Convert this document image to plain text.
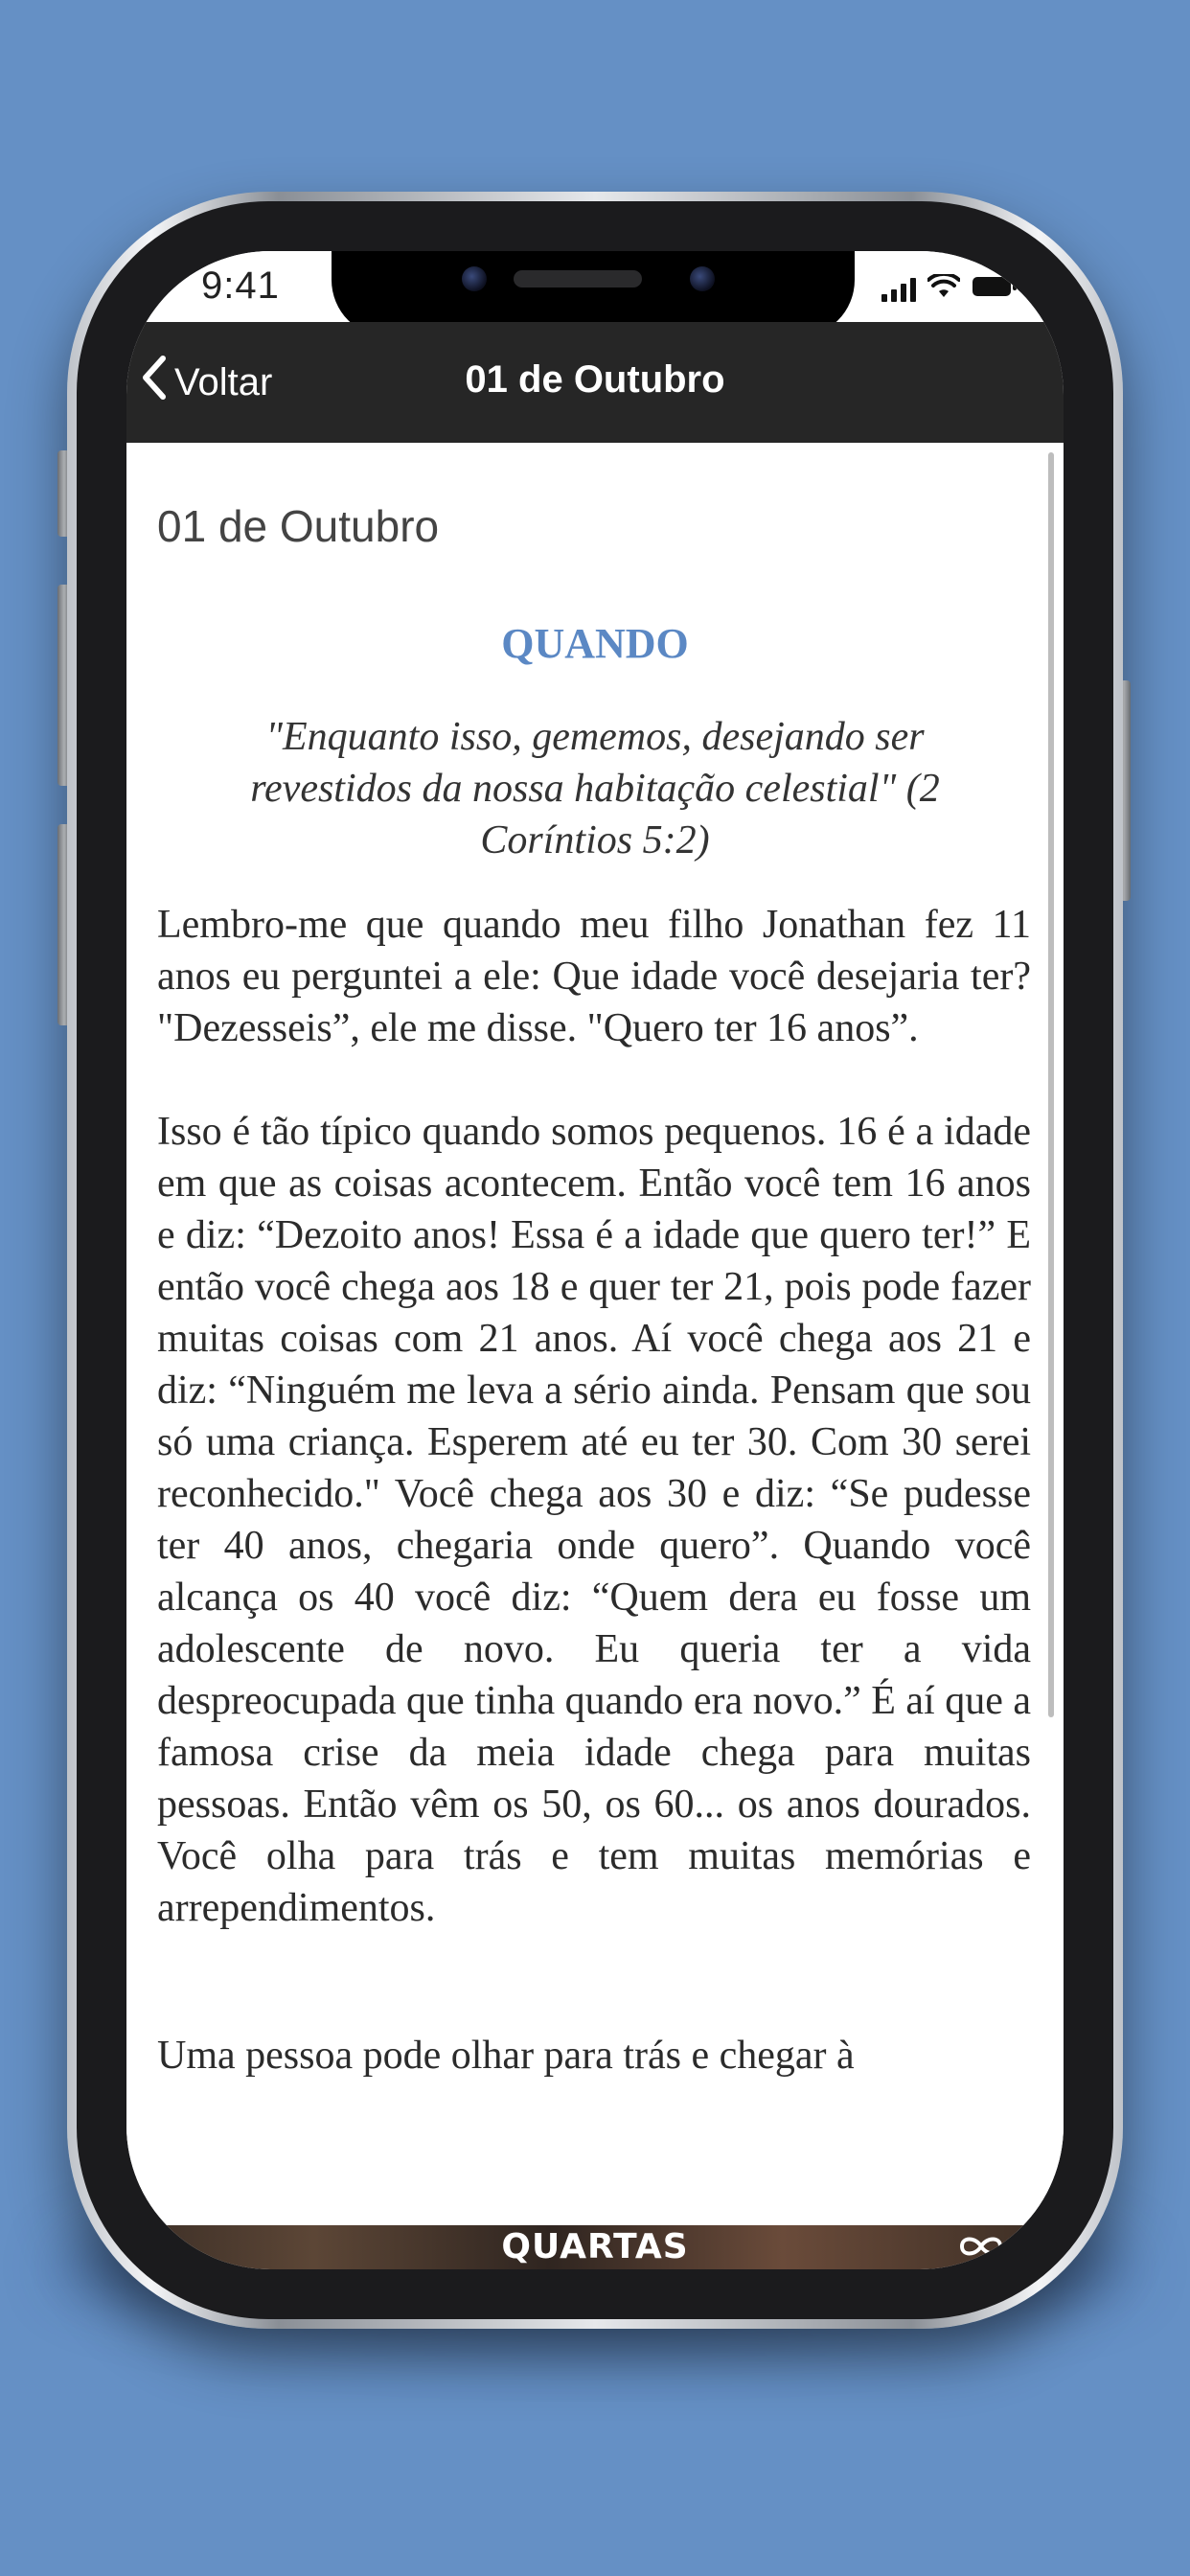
9:41
Voltar	01 de Outubro
01 de Outubro
QUANDO
"Enquanto isso, gememos, desejando ser revestidos da nossa habitação celestial" (2 Coríntios 5:2)

Lembro-me que quando meu filho Jonathan fez 11 anos eu perguntei a ele: Que idade você desejaria ter? "Dezesseis”, ele me disse. "Quero ter 16 anos”.

Isso é tão típico quando somos pequenos. 16 é a idade em que as coisas acontecem. Então você tem 16 anos e diz: “Dezoito anos! Essa é a idade que quero ter!” E então você chega aos 18 e quer ter 21, pois pode fazer muitas coisas com 21 anos. Aí você chega aos 21 e diz: “Ninguém me leva a sério ainda. Pensam que sou só uma criança. Esperem até eu ter 30. Com 30 serei reconhecido." Você chega aos 30 e diz: “Se pudesse ter 40 anos, chegaria onde quero”. Quando você alcança os 40 você diz: “Quem dera eu fosse um adolescente de novo. Eu queria ter a vida despreocupada que tinha quando era novo.” É aí que a famosa crise da meia idade chega para muitas pessoas. Então vêm os 50, os 60... os anos dourados. Você olha para trás e tem muitas memórias e arrependimentos.

Uma pessoa pode olhar para trás e chegar à

QUARTAS
